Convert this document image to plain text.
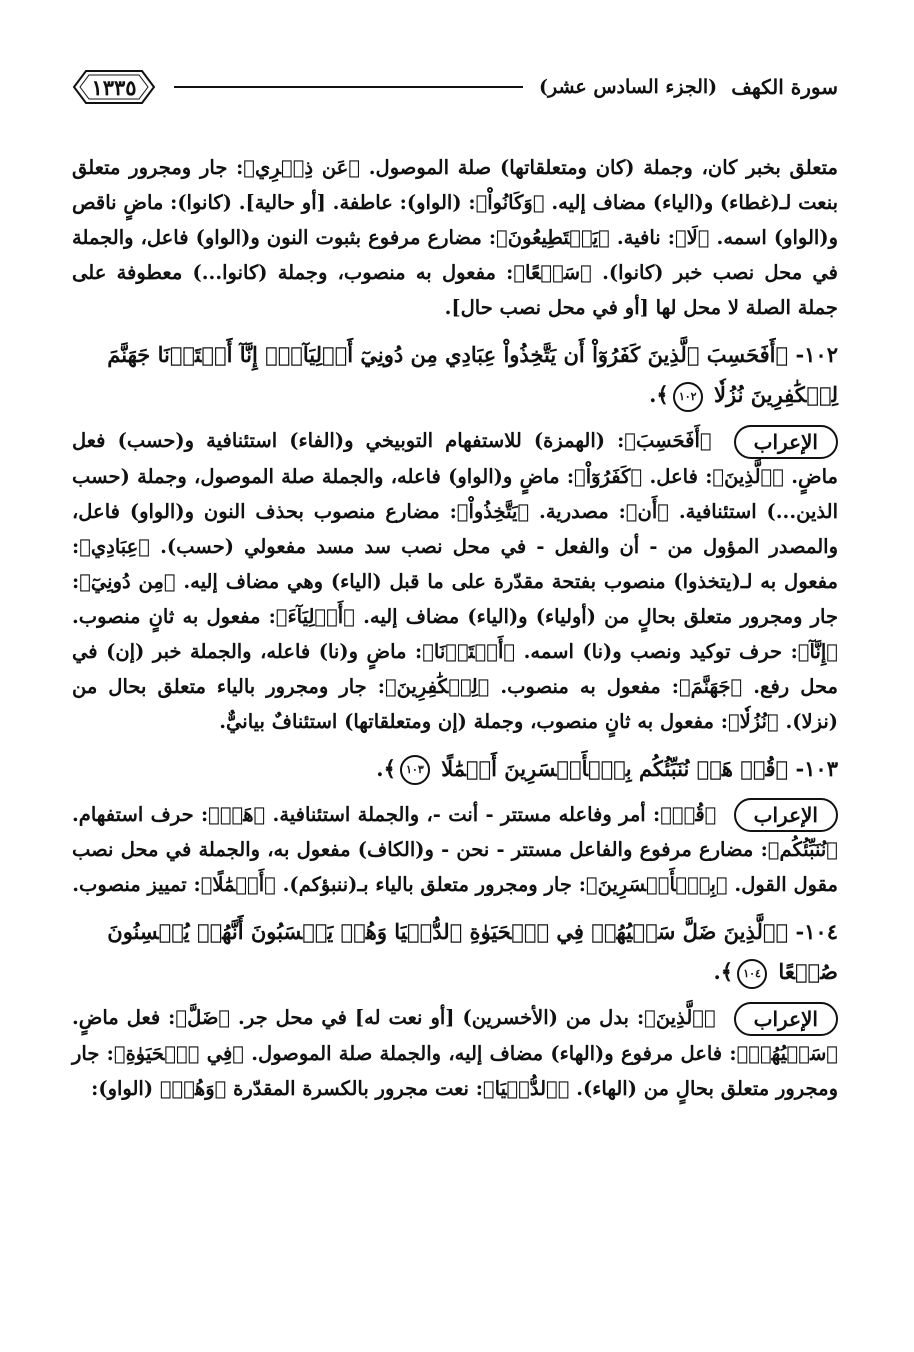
سورة الكهف
(الجزء السادس عشر)
١٣٣٥

متعلق بخبر كان، وجملة (كان ومتعلقاتها) صلة الموصول. ﴿عَن ذِكۡرِي﴾: جار ومجرور متعلق بنعت لـ(غطاء) و(الياء) مضاف إليه. ﴿وَكَانُواْ﴾: (الواو): عاطفة. [أو حالية]. (كانوا): ماضٍ ناقص و(الواو) اسمه. ﴿لَا﴾: نافية. ﴿يَسۡتَطِيعُونَ﴾: مضارع مرفوع بثبوت النون و(الواو) فاعل، والجملة في محل نصب خبر (كانوا). ﴿سَمۡعًا﴾: مفعول به منصوب، وجملة (كانوا...) معطوفة على جملة الصلة لا محل لها [أو في محل نصب حال].

١٠٢- ﴿أَفَحَسِبَ ٱلَّذِينَ كَفَرُوٓاْ أَن يَتَّخِذُواْ عِبَادِي مِن دُونِيٓ أَوۡلِيَآءَۚ إِنَّآ أَعۡتَدۡنَا جَهَنَّمَ لِلۡكَٰفِرِينَ نُزُلٗا ١٠٢﴾.

الإعراب ﴿أَفَحَسِبَ﴾: (الهمزة) للاستفهام التوبيخي و(الفاء) استئنافية و(حسب) فعل ماضٍ. ﴿ٱلَّذِينَ﴾: فاعل. ﴿كَفَرُوٓاْ﴾: ماضٍ و(الواو) فاعله، والجملة صلة الموصول، وجملة (حسب الذين...) استئنافية. ﴿أَن﴾: مصدرية. ﴿يَتَّخِذُواْ﴾: مضارع منصوب بحذف النون و(الواو) فاعل، والمصدر المؤول من - أن والفعل - في محل نصب سد مسد مفعولي (حسب). ﴿عِبَادِي﴾: مفعول به لـ(يتخذوا) منصوب بفتحة مقدّرة على ما قبل (الياء) وهي مضاف إليه. ﴿مِن دُونِيٓ﴾: جار ومجرور متعلق بحالٍ من (أولياء) و(الياء) مضاف إليه. ﴿أَوۡلِيَآءَ﴾: مفعول به ثانٍ منصوب. ﴿إِنَّآ﴾: حرف توكيد ونصب و(نا) اسمه. ﴿أَعۡتَدۡنَا﴾: ماضٍ و(نا) فاعله، والجملة خبر (إن) في محل رفع. ﴿جَهَنَّمَ﴾: مفعول به منصوب. ﴿لِلۡكَٰفِرِينَ﴾: جار ومجرور بالياء متعلق بحال من (نزلا). ﴿نُزُلٗا﴾: مفعول به ثانٍ منصوب، وجملة (إن ومتعلقاتها) استئنافٌ بيانيٌّ.

١٠٣- ﴿قُلۡ هَلۡ نُنَبِّئُكُم بِٱلۡأَخۡسَرِينَ أَعۡمَٰلًا ١٠٣﴾.

الإعراب ﴿قُلۡ﴾: أمر وفاعله مستتر - أنت -، والجملة استئنافية. ﴿هَلۡ﴾: حرف استفهام. ﴿نُنَبِّئُكُم﴾: مضارع مرفوع والفاعل مستتر - نحن - و(الكاف) مفعول به، والجملة في محل نصب مقول القول. ﴿بِٱلۡأَخۡسَرِينَ﴾: جار ومجرور متعلق بالياء بـ(ننبؤكم). ﴿أَعۡمَٰلًا﴾: تمييز منصوب.

١٠٤- ﴿ٱلَّذِينَ ضَلَّ سَعۡيُهُمۡ فِي ٱلۡحَيَوٰةِ ٱلدُّنۡيَا وَهُمۡ يَحۡسَبُونَ أَنَّهُمۡ يُحۡسِنُونَ صُنۡعًا ١٠٤﴾.

الإعراب ﴿ٱلَّذِينَ﴾: بدل من (الأخسرين) [أو نعت له] في محل جر. ﴿ضَلَّ﴾: فعل ماضٍ. ﴿سَعۡيُهُمۡ﴾: فاعل مرفوع و(الهاء) مضاف إليه، والجملة صلة الموصول. ﴿فِي ٱلۡحَيَوٰةِ﴾: جار ومجرور متعلق بحالٍ من (الهاء). ﴿ٱلدُّنۡيَا﴾: نعت مجرور بالكسرة المقدّرة ﴿وَهُمۡ﴾ (الواو):
